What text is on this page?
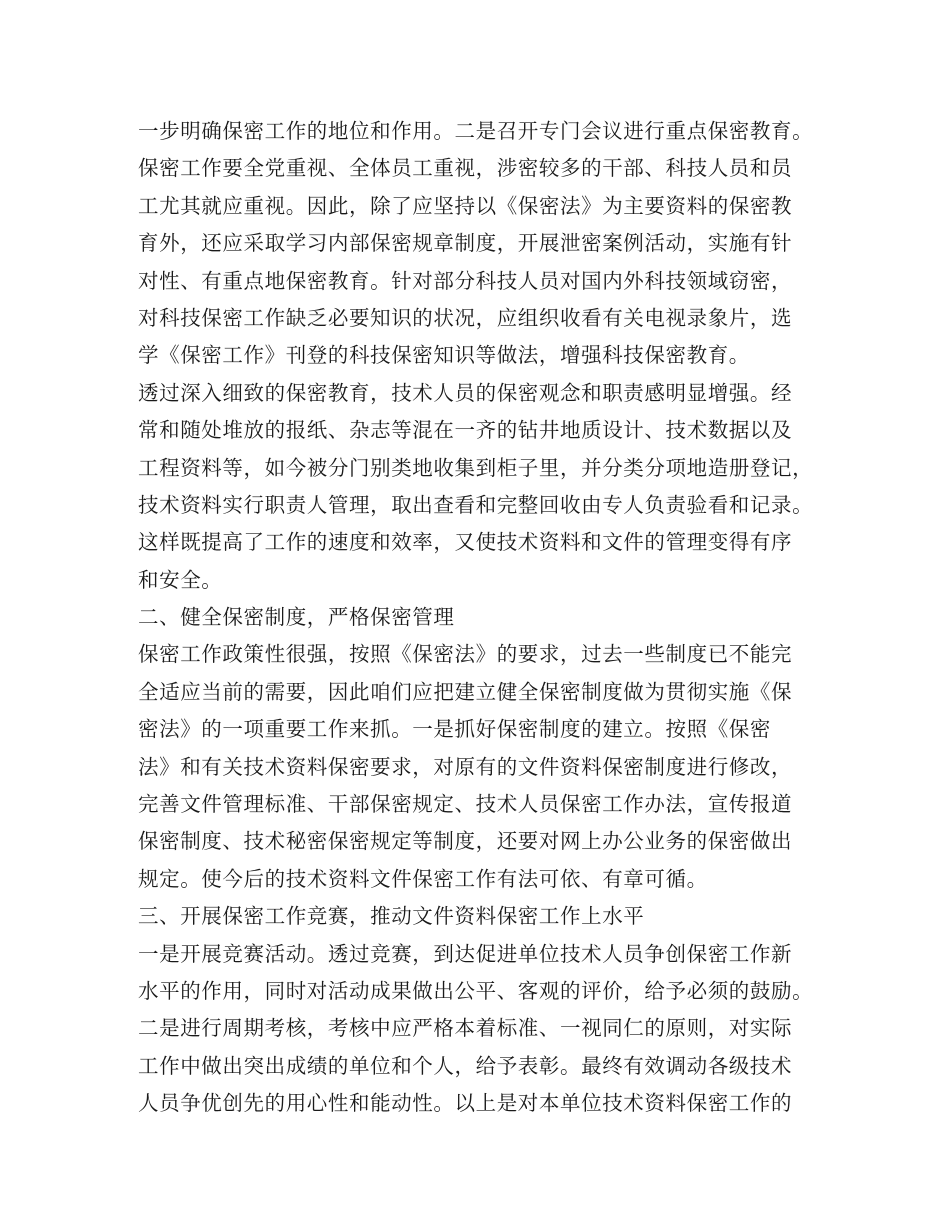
一步明确保密工作的地位和作用。二是召开专门会议进行重点保密教育。
保密工作要全党重视、全体员工重视，涉密较多的干部、科技人员和员
工尤其就应重视。因此，除了应坚持以《保密法》为主要资料的保密教
育外，还应采取学习内部保密规章制度，开展泄密案例活动，实施有针
对性、有重点地保密教育。针对部分科技人员对国内外科技领域窃密，
对科技保密工作缺乏必要知识的状况，应组织收看有关电视录象片，选
学《保密工作》刊登的科技保密知识等做法，增强科技保密教育。
透过深入细致的保密教育，技术人员的保密观念和职责感明显增强。经
常和随处堆放的报纸、杂志等混在一齐的钻井地质设计、技术数据以及
工程资料等，如今被分门别类地收集到柜子里，并分类分项地造册登记，
技术资料实行职责人管理，取出查看和完整回收由专人负责验看和记录。
这样既提高了工作的速度和效率，又使技术资料和文件的管理变得有序
和安全。
二、健全保密制度，严格保密管理
保密工作政策性很强，按照《保密法》的要求，过去一些制度已不能完
全适应当前的需要，因此咱们应把建立健全保密制度做为贯彻实施《保
密法》的一项重要工作来抓。一是抓好保密制度的建立。按照《保密
法》和有关技术资料保密要求，对原有的文件资料保密制度进行修改，
完善文件管理标准、干部保密规定、技术人员保密工作办法，宣传报道
保密制度、技术秘密保密规定等制度，还要对网上办公业务的保密做出
规定。使今后的技术资料文件保密工作有法可依、有章可循。
三、开展保密工作竞赛，推动文件资料保密工作上水平
一是开展竞赛活动。透过竞赛，到达促进单位技术人员争创保密工作新
水平的作用，同时对活动成果做出公平、客观的评价，给予必须的鼓励。
二是进行周期考核，考核中应严格本着标准、一视同仁的原则，对实际
工作中做出突出成绩的单位和个人，给予表彰。最终有效调动各级技术
人员争优创先的用心性和能动性。以上是对本单位技术资料保密工作的
